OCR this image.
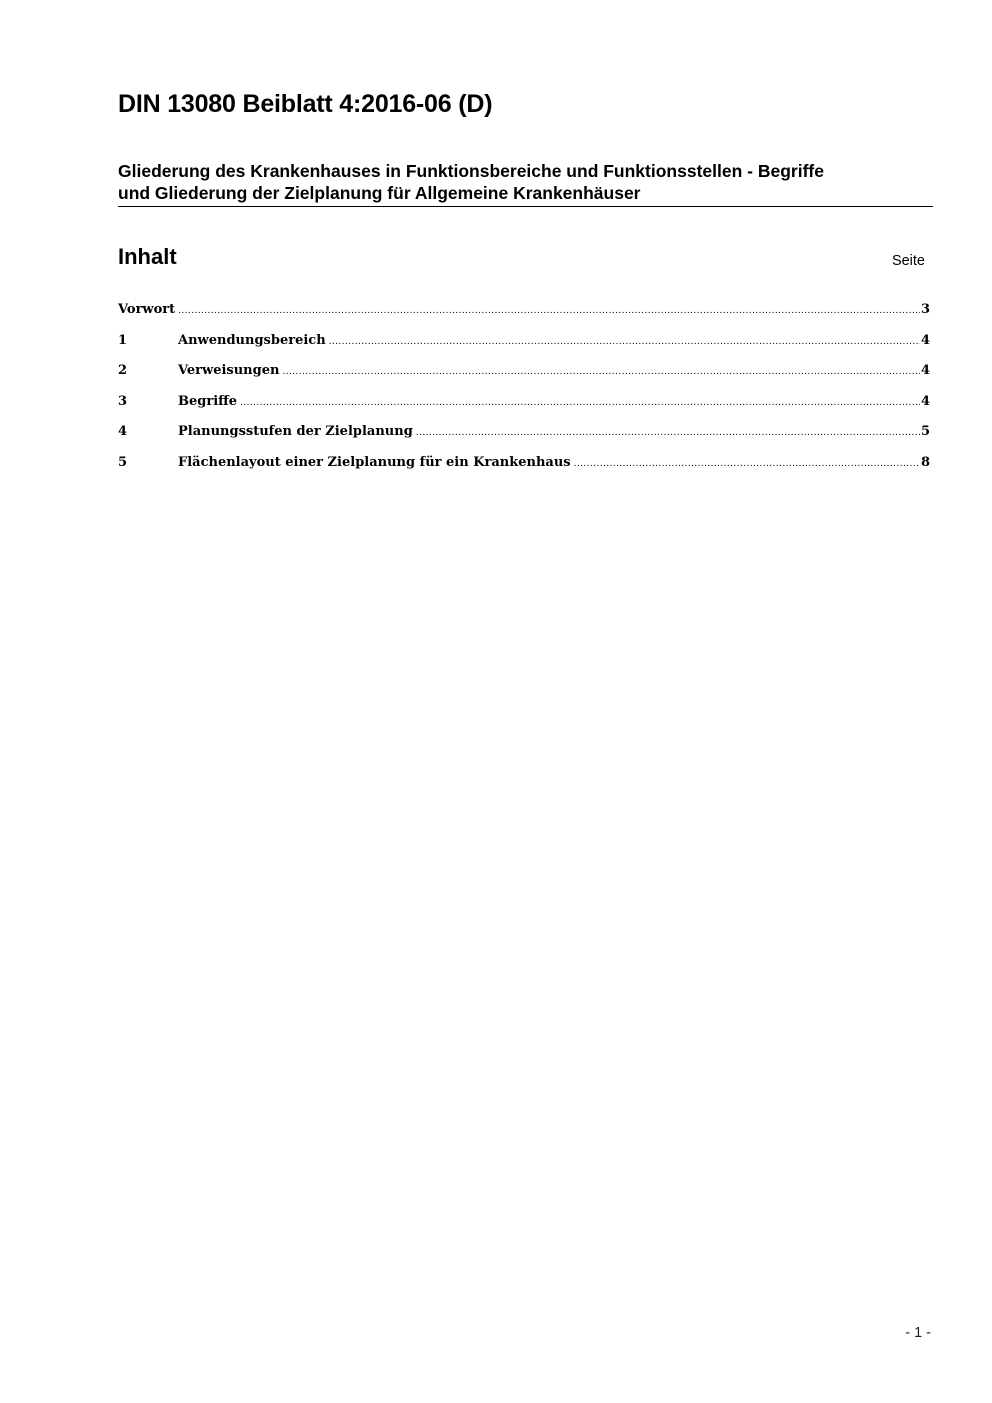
DIN 13080 Beiblatt 4:2016-06 (D)
Gliederung des Krankenhauses in Funktionsbereiche und Funktionsstellen - Begriffe
und Gliederung der Zielplanung für Allgemeine Krankenhäuser
Inhalt	Seite
Vorwort .....	3
1	Anwendungsbereich .....	4
2	Verweisungen .....	4
3	Begriffe .....	4
4	Planungsstufen der Zielplanung .....	5
5	Flächenlayout einer Zielplanung für ein Krankenhaus .....	8
- 1 -
